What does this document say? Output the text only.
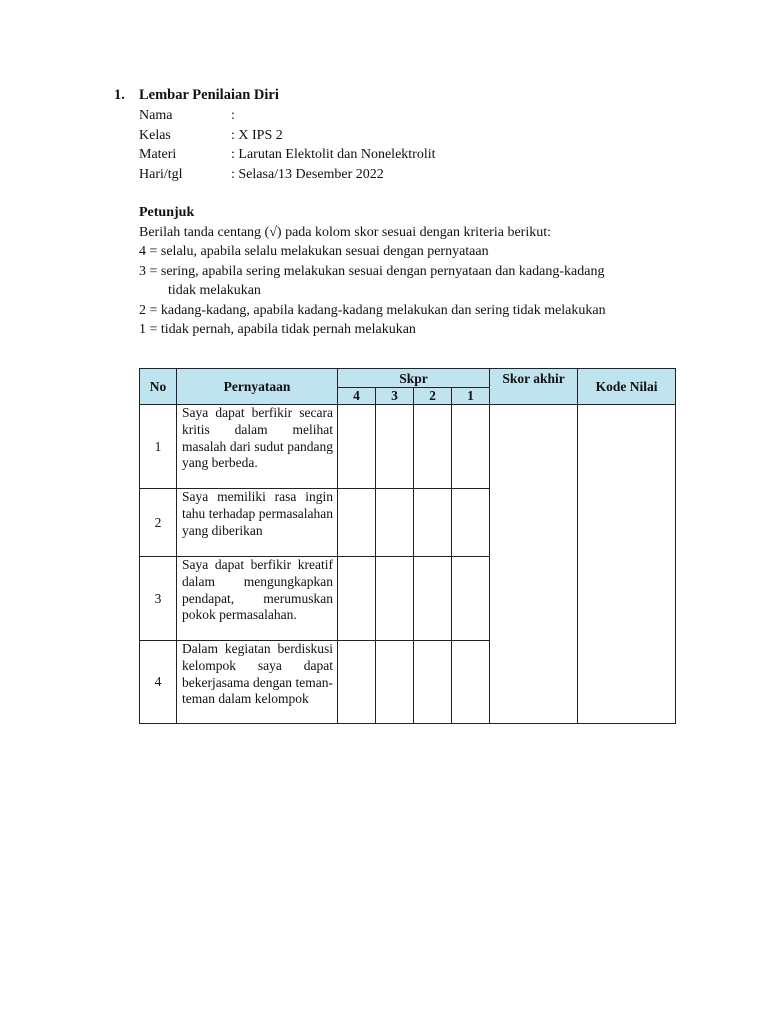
1. Lembar Penilaian Diri
Nama	:
Kelas	: X IPS 2
Materi	: Larutan Elektolit dan Nonelektrolit
Hari/tgl	: Selasa/13 Desember 2022
Petunjuk
Berilah tanda centang (√) pada kolom skor sesuai dengan kriteria berikut:
4 = selalu, apabila selalu melakukan sesuai dengan pernyataan
3 = sering, apabila sering melakukan sesuai dengan pernyataan dan kadang-kadang
tidak melakukan
2 = kadang-kadang, apabila kadang-kadang melakukan dan sering tidak melakukan
1 = tidak pernah, apabila tidak pernah melakukan
No	Pernyataan	Skpr				Skor akhir	Kode Nilai
		4	3	2	1		
1	Saya dapat berfikir secara kritis dalam melihat masalah dari sudut pandang yang berbeda.						
2	Saya memiliki rasa ingin tahu terhadap permasalahan yang diberikan						
3	Saya dapat berfikir kreatif dalam mengungkapkan pendapat, merumuskan pokok permasalahan.						
4	Dalam kegiatan berdiskusi kelompok saya dapat bekerjasama dengan teman-teman dalam kelompok						
